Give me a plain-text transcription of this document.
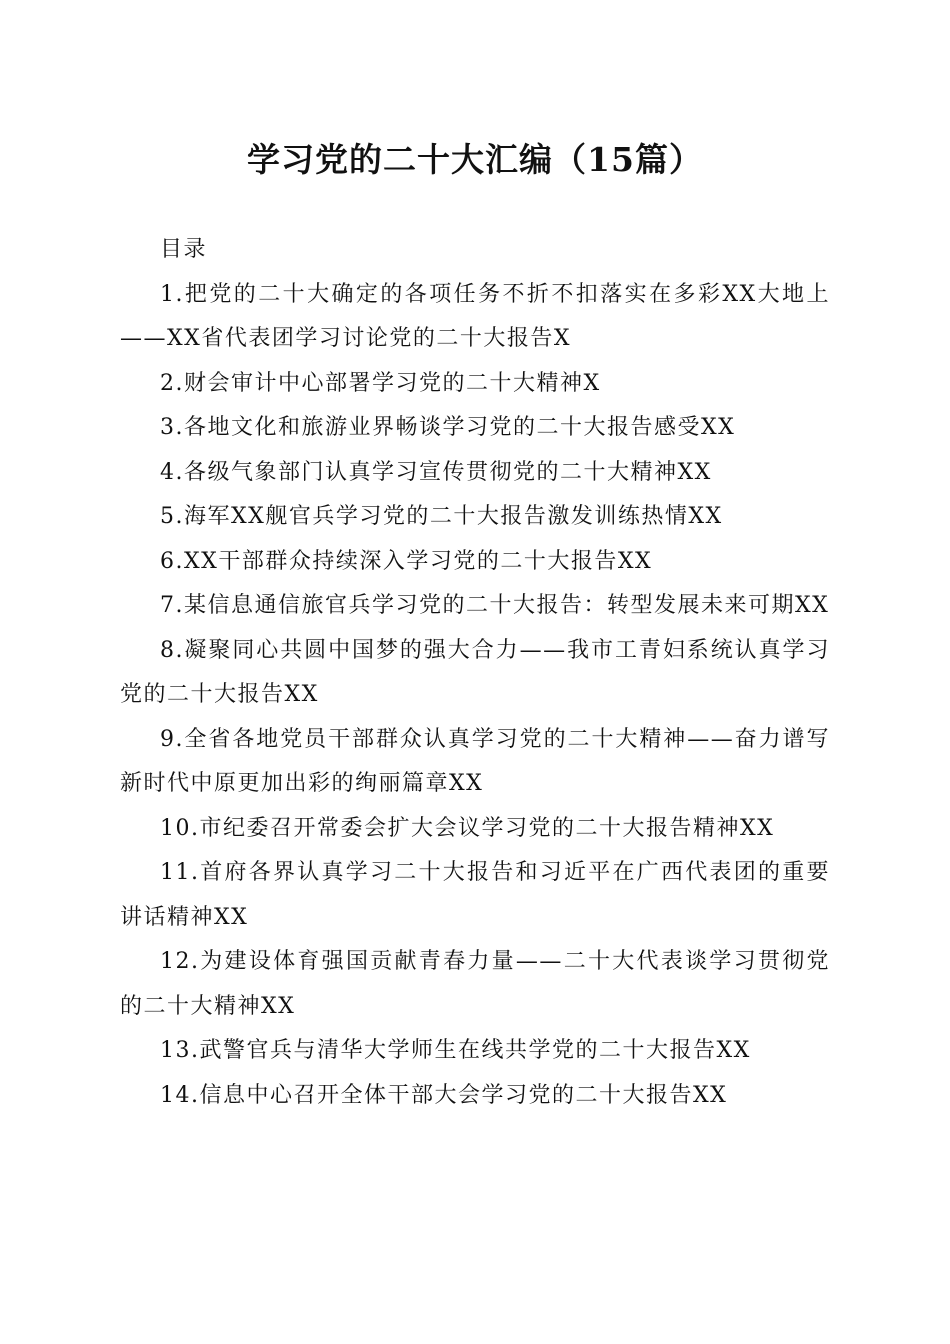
学习党的二十大汇编（15篇）

目录

1.把党的二十大确定的各项任务不折不扣落实在多彩XX大地上——XX省代表团学习讨论党的二十大报告X

2.财会审计中心部署学习党的二十大精神X

3.各地文化和旅游业界畅谈学习党的二十大报告感受XX

4.各级气象部门认真学习宣传贯彻党的二十大精神XX

5.海军XX舰官兵学习党的二十大报告激发训练热情XX

6.XX干部群众持续深入学习党的二十大报告XX

7.某信息通信旅官兵学习党的二十大报告：转型发展未来可期XX

8.凝聚同心共圆中国梦的强大合力——我市工青妇系统认真学习党的二十大报告XX

9.全省各地党员干部群众认真学习党的二十大精神——奋力谱写新时代中原更加出彩的绚丽篇章XX

10.市纪委召开常委会扩大会议学习党的二十大报告精神XX

11.首府各界认真学习二十大报告和习近平在广西代表团的重要讲话精神XX

12.为建设体育强国贡献青春力量——二十大代表谈学习贯彻党的二十大精神XX

13.武警官兵与清华大学师生在线共学党的二十大报告XX

14.信息中心召开全体干部大会学习党的二十大报告XX
